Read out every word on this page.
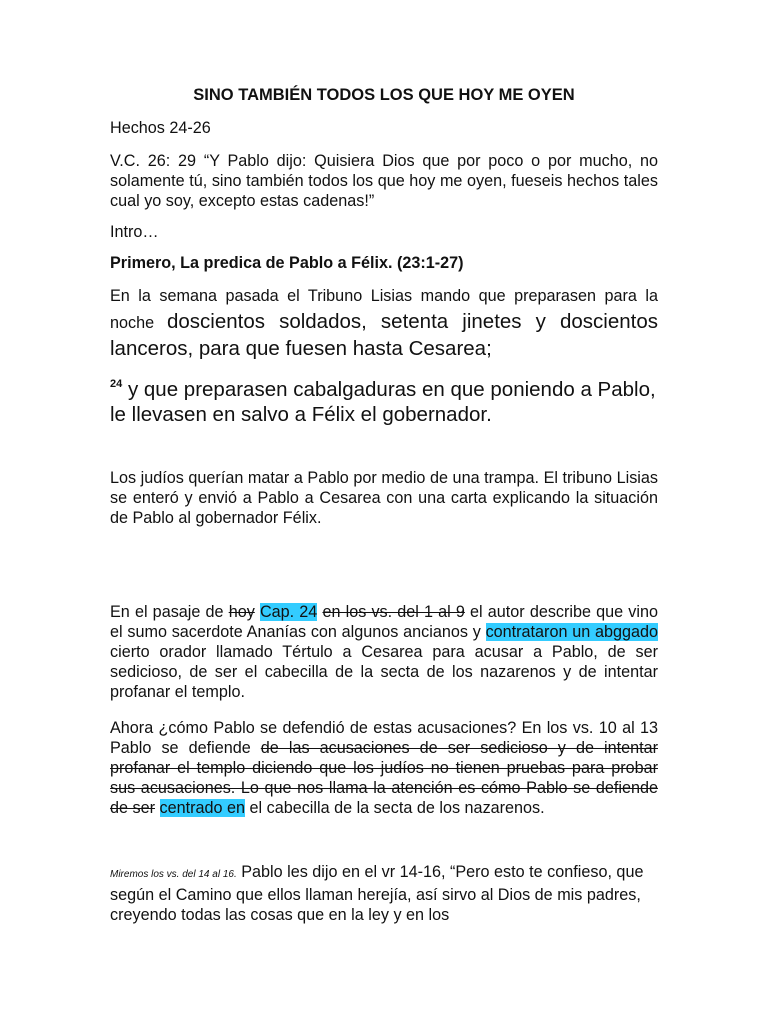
SINO TAMBIÉN TODOS LOS QUE HOY ME OYEN

Hechos 24-26

V.C. 26: 29 “Y Pablo dijo: Quisiera Dios que por poco o por mucho, no solamente tú, sino también todos los que hoy me oyen, fueseis hechos tales cual yo soy, excepto estas cadenas!”

Intro…

Primero, La predica de Pablo a Félix. (23:1-27)

En la semana pasada el Tribuno Lisias mando que preparasen para la noche doscientos soldados, setenta jinetes y doscientos lanceros, para que fuesen hasta Cesarea;

$^{24}$ y que preparasen cabalgaduras en que poniendo a Pablo, le llevasen en salvo a Félix el gobernador.

Los judíos querían matar a Pablo por medio de una trampa. El tribuno Lisias se enteró y envió a Pablo a Cesarea con una carta explicando la situación de Pablo al gobernador Félix.

En el pasaje de hoy Cap. 24 en los vs. del 1 al 9 el autor describe que vino el sumo sacerdote Ananías con algunos ancianos y contrataron un abggado cierto orador llamado Tértulo a Cesarea para acusar a Pablo, de ser sedicioso, de ser el cabecilla de la secta de los nazarenos y de intentar profanar el templo.

Ahora ¿cómo Pablo se defendió de estas acusaciones? En los vs. 10 al 13 Pablo se defiende de las acusaciones de ser sedicioso y de intentar profanar el templo diciendo que los judíos no tienen pruebas para probar sus acusaciones. Lo que nos llama la atención es cómo Pablo se defiende de ser centrado en el cabecilla de la secta de los nazarenos.

Miremos los vs. del 14 al 16. Pablo les dijo en el vr 14-16, “Pero esto te confieso, que según el Camino que ellos llaman herejía, así sirvo al Dios de mis padres, creyendo todas las cosas que en la ley y en los
